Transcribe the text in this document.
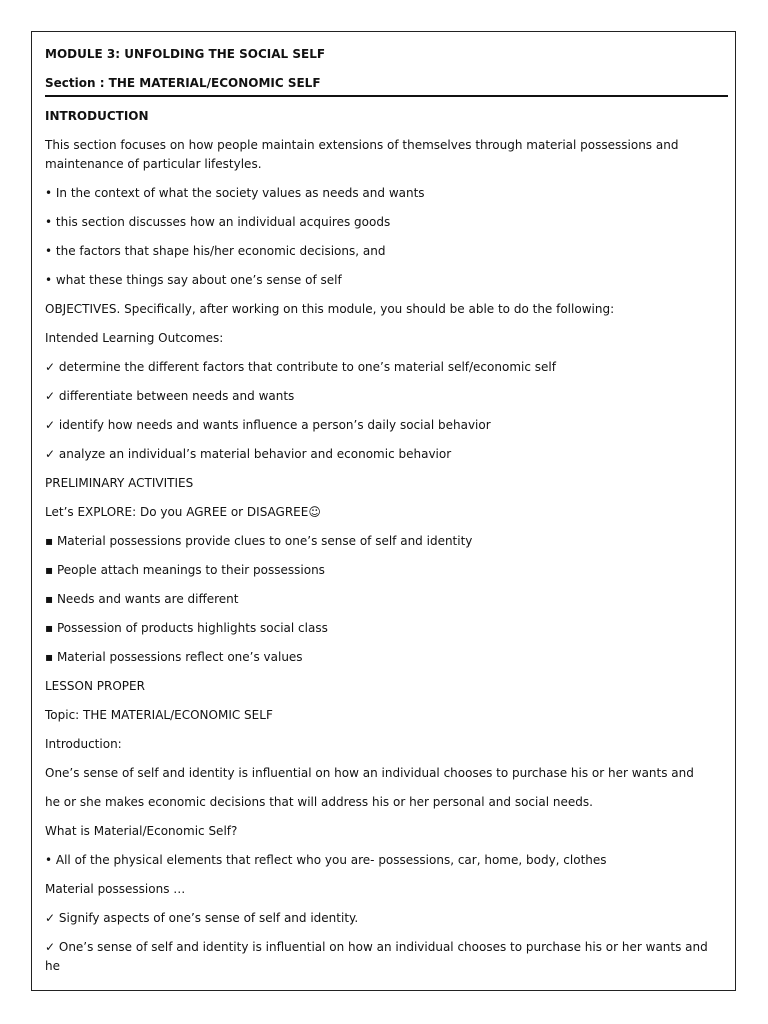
MODULE 3: UNFOLDING THE SOCIAL SELF
Section : THE MATERIAL/ECONOMIC SELF
INTRODUCTION
This section focuses on how people maintain extensions of themselves through material possessions and maintenance of particular lifestyles.
• In the context of what the society values as needs and wants
• this section discusses how an individual acquires goods
• the factors that shape his/her economic decisions, and
• what these things say about one’s sense of self
OBJECTIVES. Specifically, after working on this module, you should be able to do the following:
Intended Learning Outcomes:
✓ determine the different factors that contribute to one’s material self/economic self
✓ differentiate between needs and wants
✓ identify how needs and wants influence a person’s daily social behavior
✓ analyze an individual’s material behavior and economic behavior
PRELIMINARY ACTIVITIES
Let’s EXPLORE: Do you AGREE or DISAGREE☺
▪ Material possessions provide clues to one’s sense of self and identity
▪ People attach meanings to their possessions
▪ Needs and wants are different
▪ Possession of products highlights social class
▪ Material possessions reflect one’s values
LESSON PROPER
Topic: THE MATERIAL/ECONOMIC SELF
Introduction:
One’s sense of self and identity is influential on how an individual chooses to purchase his or her wants and
he or she makes economic decisions that will address his or her personal and social needs.
What is Material/Economic Self?
• All of the physical elements that reflect who you are- possessions, car, home, body, clothes
Material possessions …
✓ Signify aspects of one’s sense of self and identity.
✓ One’s sense of self and identity is influential on how an individual chooses to purchase his or her wants and he
